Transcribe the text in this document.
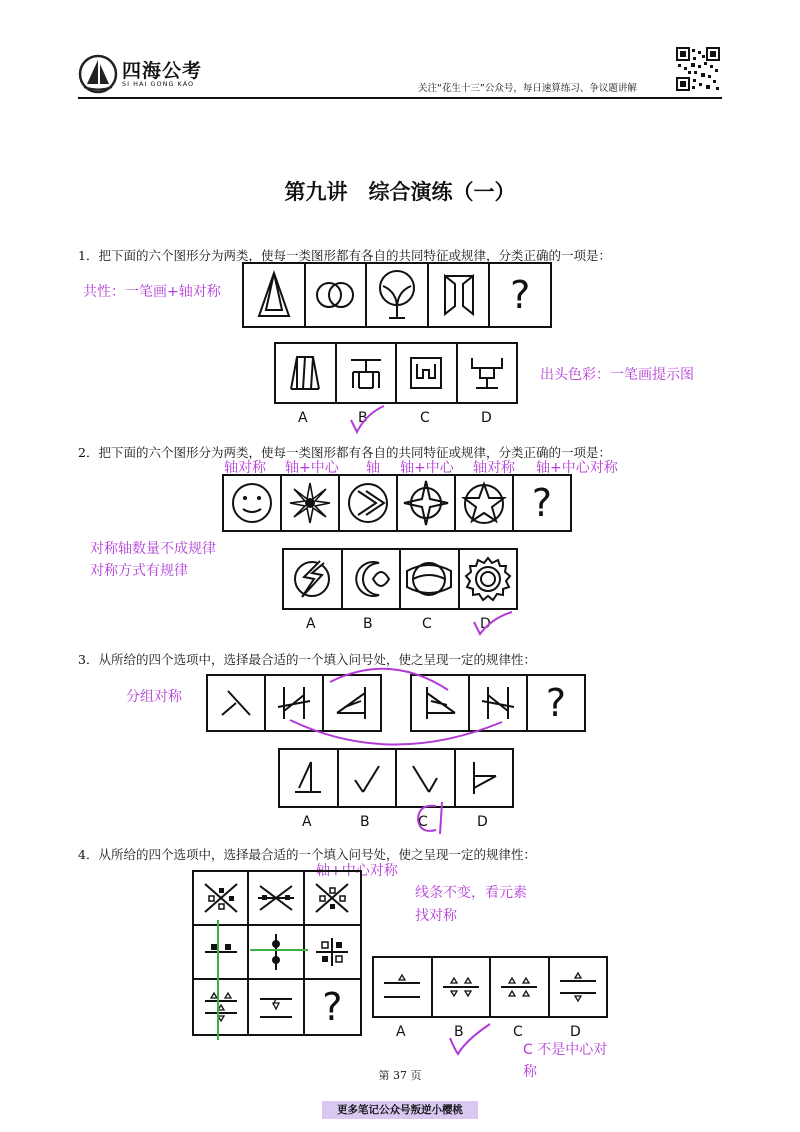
四海公考
SI HAI GONG KAO	关注“花生十三”公众号，每日速算练习、争议题讲解
第九讲　综合演练（一）
1．把下面的六个图形分为两类，使每一类图形都有各自的共同特征或规律，分类正确的一项是：
共性：一笔画+轴对称	?
A	B	C	D
出头色彩：一笔画提示图
2．把下面的六个图形分为两类，使每一类图形都有各自的共同特征或规律，分类正确的一项是：
轴对称 轴+中心 轴 轴+中心 轴对称 轴+中心对称
?
对称轴数量不成规律
对称方式有规律
A	B	C	D
3．从所给的四个选项中，选择最合适的一个填入问号处，使之呈现一定的规律性：
分组对称	?
A	B	C	D
4．从所给的四个选项中，选择最合适的一个填入问号处，使之呈现一定的规律性：
轴+中心对称
线条不变，看元素
找对称
?
A	B	C	D
C 不是中心对
称
第 37 页
更多笔记公众号叛逆小樱桃
